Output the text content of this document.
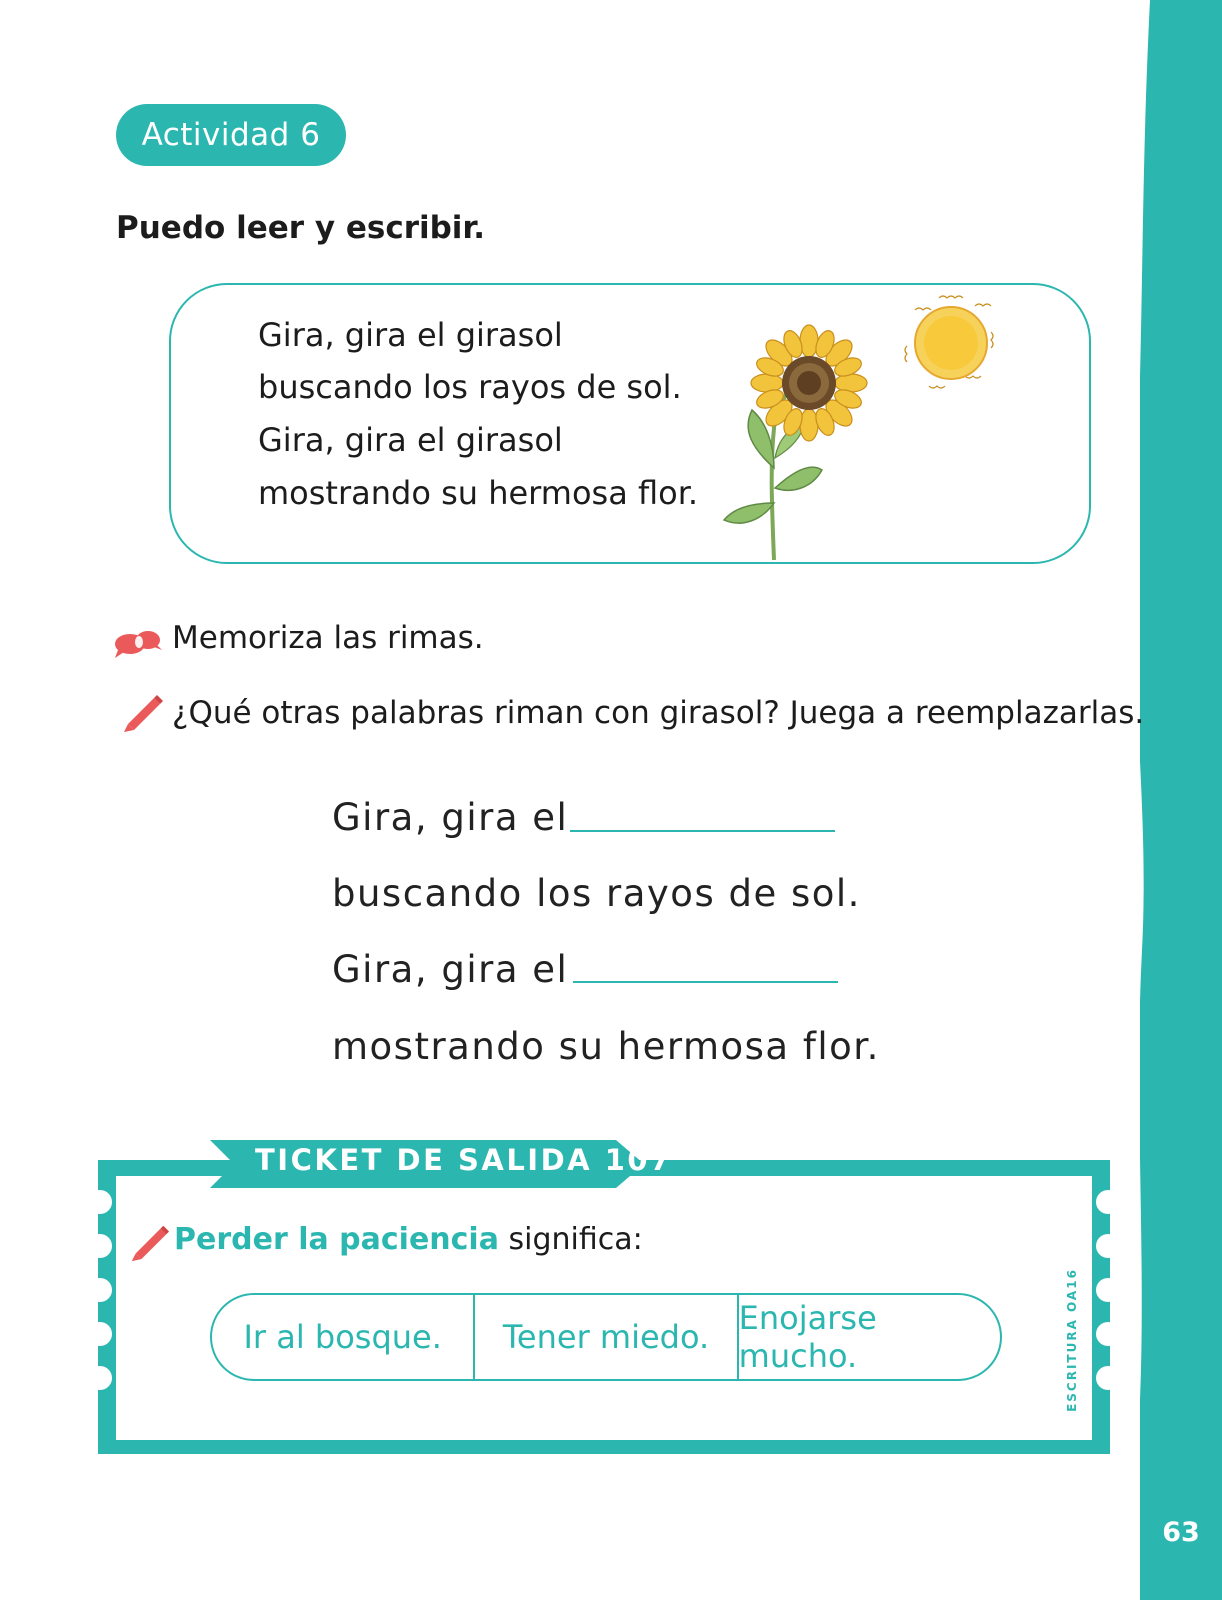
63
Actividad 6
Puedo leer y escribir.
Gira, gira el girasol
buscando los rayos de sol.
Gira, gira el girasol
mostrando su hermosa flor.
Memoriza las rimas.
¿Qué otras palabras riman con girasol? Juega a reemplazarlas.
Gira, gira el
buscando los rayos de sol.
Gira, gira el
mostrando su hermosa flor.
TICKET DE SALIDA 107
Perder la paciencia significa:
Ir al bosque.	Tener miedo. Enojarse mucho.	ESCRITURA OA16
